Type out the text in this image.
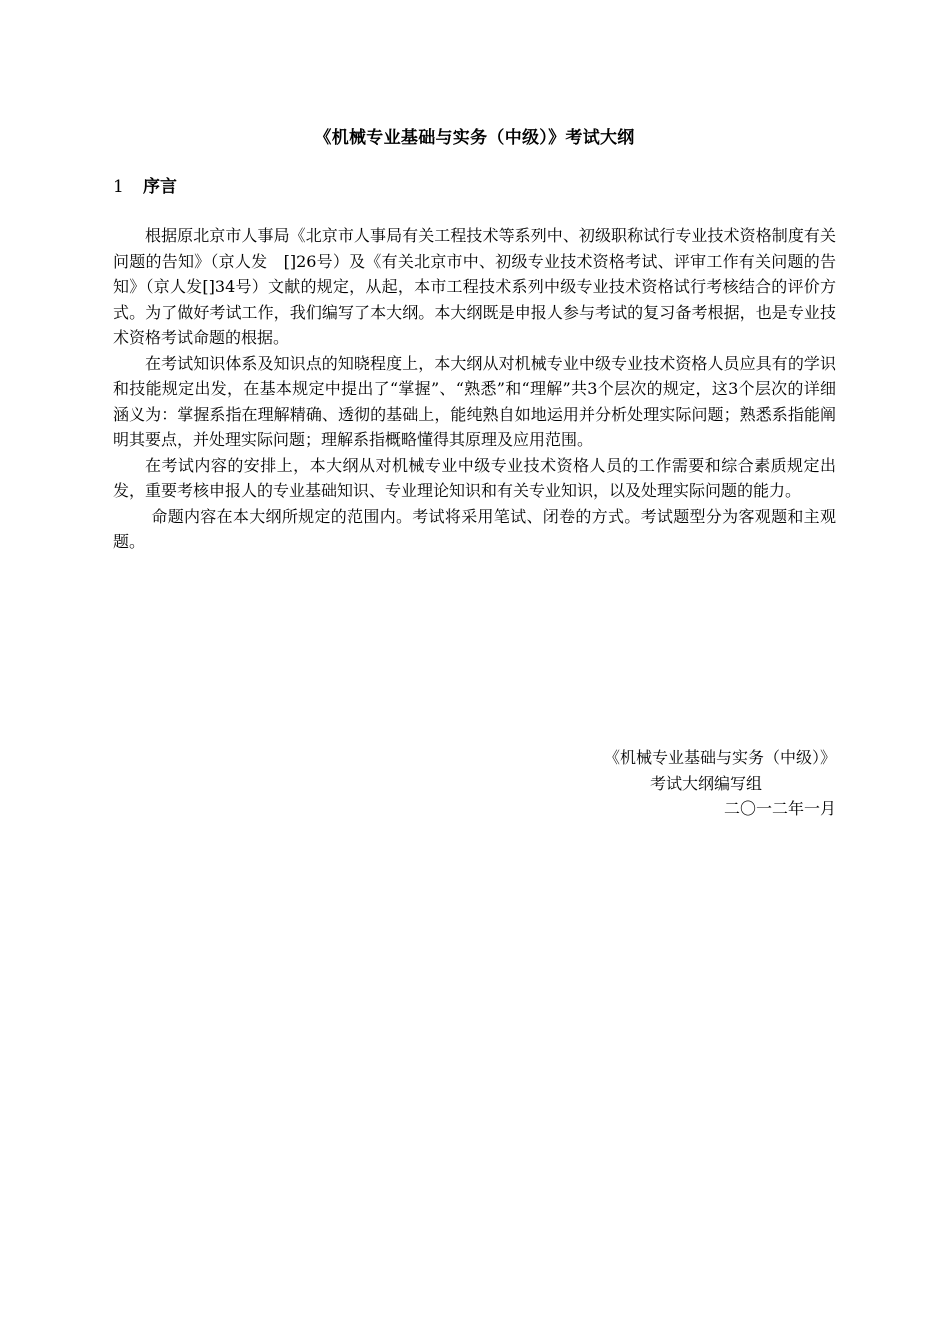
《机械专业基础与实务（中级）》考试大纲
1 序言

根据原北京市人事局《北京市人事局有关工程技术等系列中、初级职称试行专业技术资格制度有关问题的告知》（京人发　[]26号）及《有关北京市中、初级专业技术资格考试、评审工作有关问题的告知》（京人发[]34号）文献的规定，从起，本市工程技术系列中级专业技术资格试行考核结合的评价方式。为了做好考试工作，我们编写了本大纲。本大纲既是申报人参与考试的复习备考根据，也是专业技术资格考试命题的根据。

在考试知识体系及知识点的知晓程度上，本大纲从对机械专业中级专业技术资格人员应具有的学识和技能规定出发，在基本规定中提出了“掌握”、“熟悉”和“理解”共3个层次的规定，这3个层次的详细涵义为：掌握系指在理解精确、透彻的基础上，能纯熟自如地运用并分析处理实际问题；熟悉系指能阐明其要点，并处理实际问题；理解系指概略懂得其原理及应用范围。

在考试内容的安排上，本大纲从对机械专业中级专业技术资格人员的工作需要和综合素质规定出发，重要考核申报人的专业基础知识、专业理论知识和有关专业知识，以及处理实际问题的能力。

命题内容在本大纲所规定的范围内。考试将采用笔试、闭卷的方式。考试题型分为客观题和主观题。

《机械专业基础与实务（中级）》
考试大纲编写组
二〇一二年一月
